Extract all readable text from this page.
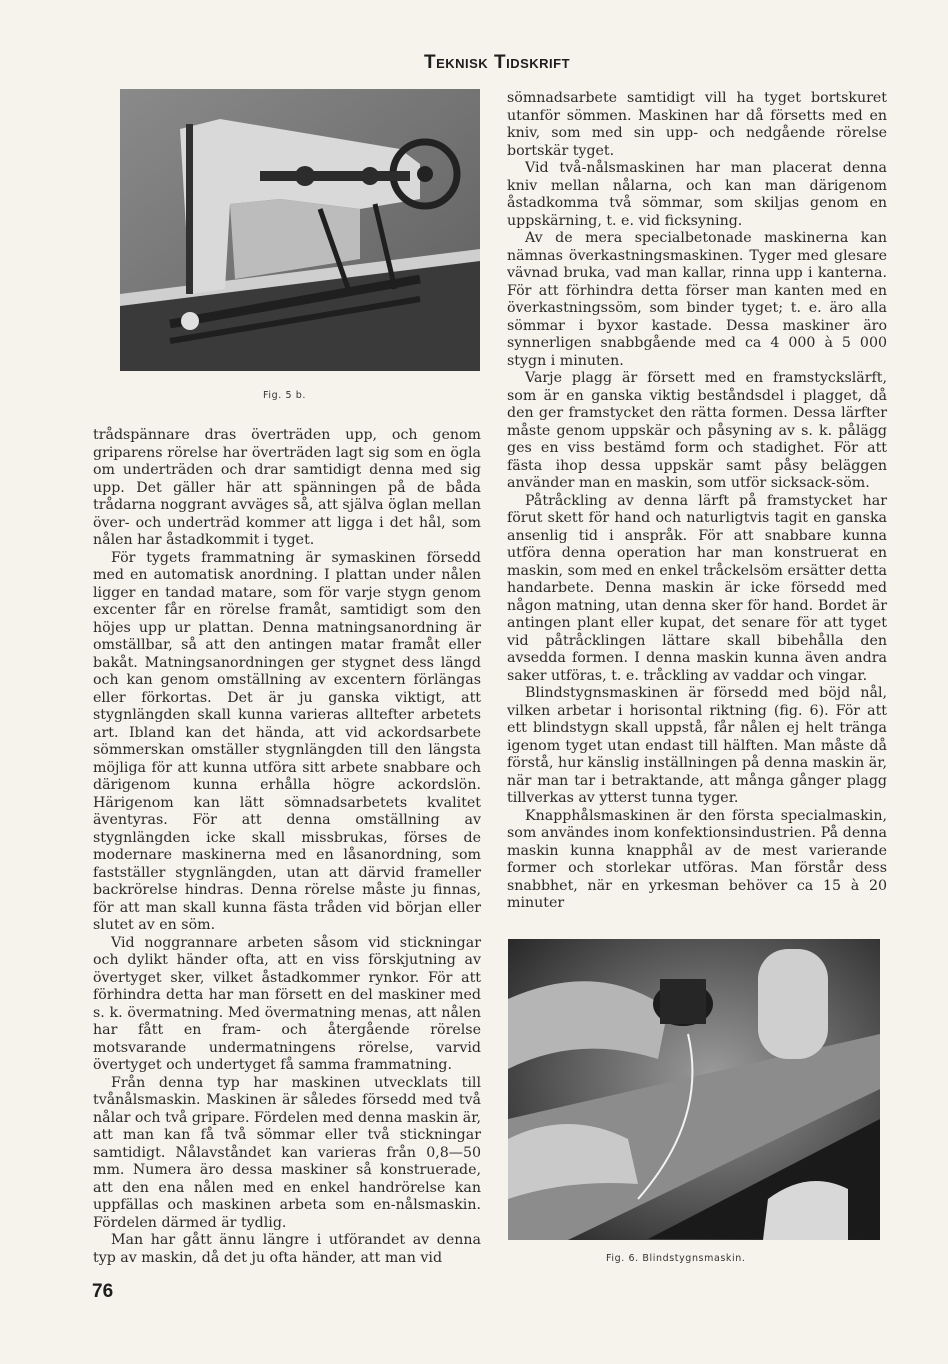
Teknisk Tidskrift
Fig. 5 b.

trådspännare dras överträden upp, och genom griparens rörelse har överträden lagt sig som en ögla om underträden och drar samtidigt denna med sig upp. Det gäller här att spänningen på de båda trådarna noggrant avväges så, att själva öglan mellan över- och underträd kommer att ligga i det hål, som nålen har åstadkommit i tyget.

För tygets frammatning är symaskinen försedd med en automatisk anordning. I plattan under nålen ligger en tandad matare, som för varje stygn genom excenter får en rörelse framåt, samtidigt som den höjes upp ur plattan. Denna matningsanordning är omställbar, så att den antingen matar framåt eller bakåt. Matningsanordningen ger stygnet dess längd och kan genom omställning av excentern förlängas eller förkortas. Det är ju ganska viktigt, att stygnlängden skall kunna varieras alltefter arbetets art. Ibland kan det hända, att vid ackordsarbete sömmerskan omställer stygnlängden till den längsta möjliga för att kunna utföra sitt arbete snabbare och därigenom kunna erhålla högre ackordslön. Härigenom kan lätt sömnadsarbetets kvalitet äventyras. För att denna omställning av stygnlängden icke skall missbrukas, förses de modernare maskinerna med en låsanordning, som fastställer stygnlängden, utan att därvid frameller backrörelse hindras. Denna rörelse måste ju finnas, för att man skall kunna fästa tråden vid början eller slutet av en söm.

Vid noggrannare arbeten såsom vid stickningar och dylikt händer ofta, att en viss förskjutning av övertyget sker, vilket åstadkommer rynkor. För att förhindra detta har man försett en del maskiner med s. k. övermatning. Med övermatning menas, att nålen har fått en fram- och återgående rörelse motsvarande undermatningens rörelse, varvid övertyget och undertyget få samma frammatning.

Från denna typ har maskinen utvecklats till tvånålsmaskin. Maskinen är således försedd med två nålar och två gripare. Fördelen med denna maskin är, att man kan få två sömmar eller två stickningar samtidigt. Nålavståndet kan varieras från 0,8—50 mm. Numera äro dessa maskiner så konstruerade, att den ena nålen med en enkel handrörelse kan uppfällas och maskinen arbeta som en-nålsmaskin. Fördelen därmed är tydlig.

Man har gått ännu längre i utförandet av denna typ av maskin, då det ju ofta händer, att man vid

sömnadsarbete samtidigt vill ha tyget bortskuret utanför sömmen. Maskinen har då försetts med en kniv, som med sin upp- och nedgående rörelse bortskär tyget.

Vid två-nålsmaskinen har man placerat denna kniv mellan nålarna, och kan man därigenom åstadkomma två sömmar, som skiljas genom en uppskärning, t. e. vid ficksyning.

Av de mera specialbetonade maskinerna kan nämnas överkastningsmaskinen. Tyger med glesare vävnad bruka, vad man kallar, rinna upp i kanterna. För att förhindra detta förser man kanten med en överkastningssöm, som binder tyget; t. e. äro alla sömmar i byxor kastade. Dessa maskiner äro synnerligen snabbgående med ca 4 000 à 5 000 stygn i minuten.

Varje plagg är försett med en framstyckslärft, som är en ganska viktig beståndsdel i plagget, då den ger framstycket den rätta formen. Dessa lärfter måste genom uppskär och påsyning av s. k. pålägg ges en viss bestämd form och stadighet. För att fästa ihop dessa uppskär samt påsy beläggen använder man en maskin, som utför sicksack-söm.

Påtråckling av denna lärft på framstycket har förut skett för hand och naturligtvis tagit en ganska ansenlig tid i anspråk. För att snabbare kunna utföra denna operation har man konstruerat en maskin, som med en enkel tråckelsöm ersätter detta handarbete. Denna maskin är icke försedd med någon matning, utan denna sker för hand. Bordet är antingen plant eller kupat, det senare för att tyget vid påtråcklingen lättare skall bibehålla den avsedda formen. I denna maskin kunna även andra saker utföras, t. e. tråckling av vaddar och vingar.

Blindstygnsmaskinen är försedd med böjd nål, vilken arbetar i horisontal riktning (fig. 6). För att ett blindstygn skall uppstå, får nålen ej helt tränga igenom tyget utan endast till hälften. Man måste då förstå, hur känslig inställningen på denna maskin är, när man tar i betraktande, att många gånger plagg tillverkas av ytterst tunna tyger.

Knapphålsmaskinen är den första specialmaskin, som användes inom konfektionsindustrien. På denna maskin kunna knapphål av de mest varierande former och storlekar utföras. Man förstår dess snabbhet, när en yrkesman behöver ca 15 à 20 minuter

Fig. 6. Blindstygnsmaskin.
76
